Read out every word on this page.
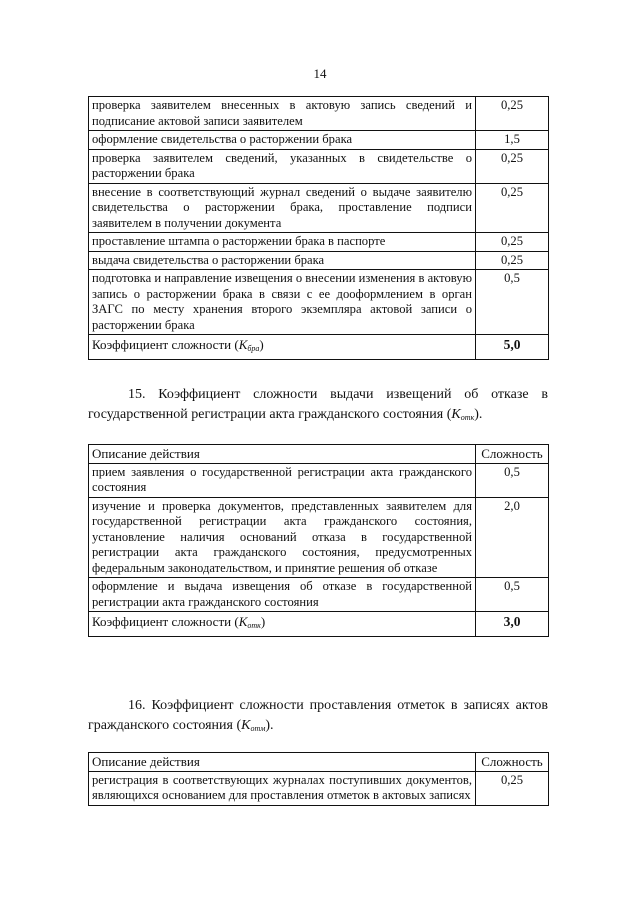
14
проверка заявителем внесенных в актовую запись сведений и подписание актовой записи заявителем	0,25
оформление свидетельства о расторжении брака	1,5
проверка заявителем сведений, указанных в свидетельстве о расторжении брака	0,25
внесение в соответствующий журнал сведений о выдаче заявителю свидетельства о расторжении брака, проставление подписи заявителем в получении документа	0,25
проставление штампа о расторжении брака в паспорте	0,25
выдача свидетельства о расторжении брака	0,25
подготовка и направление извещения о внесении изменения в актовую запись о расторжении брака в связи с ее дооформлением в орган ЗАГС по месту хранения второго экземпляра актовой записи о расторжении брака	0,5
Коэффициент сложности $(K_{бра})$	5,0
15. Коэффициент сложности выдачи извещений об отказе в государственной регистрации акта гражданского состояния $(K_{отк})$.
Описание действия	Сложность
прием заявления о государственной регистрации акта гражданского состояния	0,5
изучение и проверка документов, представленных заявителем для государственной регистрации акта гражданского состояния, установление наличия оснований отказа в государственной регистрации акта гражданского состояния, предусмотренных федеральным законодательством, и принятие решения об отказе	2,0
оформление и выдача извещения об отказе в государственной регистрации акта гражданского состояния	0,5
Коэффициент сложности $(K_{отк})$	3,0
16. Коэффициент сложности проставления отметок в записях актов гражданского состояния $(K_{отм})$.
Описание действия	Сложность
регистрация в соответствующих журналах поступивших документов, являющихся основанием для проставления отметок в актовых записях	0,25
